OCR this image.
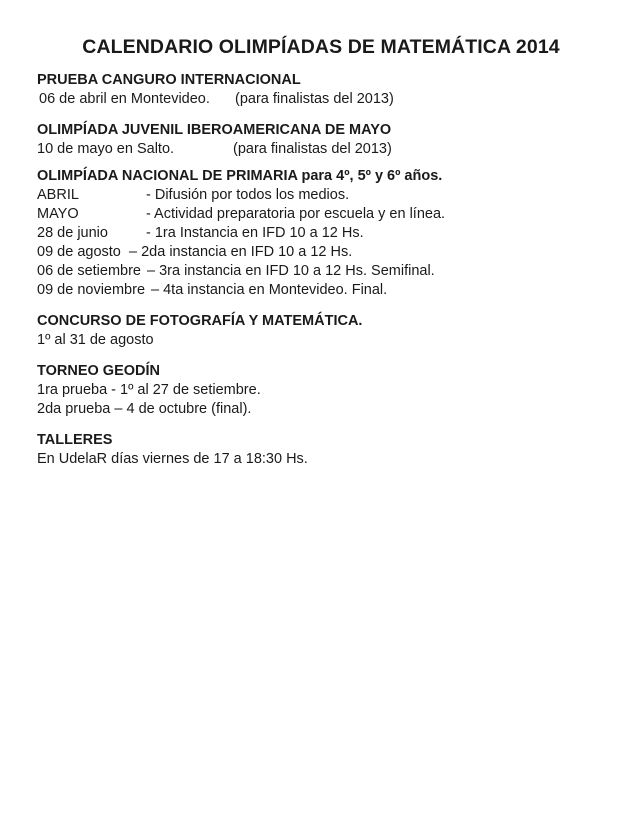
CALENDARIO OLIMPÍADAS DE MATEMÁTICA 2014
PRUEBA CANGURO INTERNACIONAL
06 de abril en Montevideo.	(para finalistas del 2013)
OLIMPÍADA JUVENIL IBEROAMERICANA DE MAYO
10 de mayo en Salto.	(para finalistas del 2013)
OLIMPÍADA NACIONAL DE PRIMARIA para 4º, 5º y 6º años.
ABRIL	- Difusión por todos los medios.
MAYO	- Actividad preparatoria por escuela y en línea.
28 de junio	- 1ra Instancia en IFD 10 a 12 Hs.
09 de agosto – 2da instancia en IFD 10 a 12 Hs.
06 de setiembre – 3ra instancia en IFD 10 a 12 Hs. Semifinal.
09 de noviembre – 4ta instancia en Montevideo. Final.
CONCURSO DE FOTOGRAFÍA Y MATEMÁTICA.
1º al 31 de agosto
TORNEO GEODÍN
1ra prueba - 1º al 27 de setiembre.
2da prueba – 4 de octubre (final).
TALLERES
En UdelaR días viernes de 17 a 18:30 Hs.
